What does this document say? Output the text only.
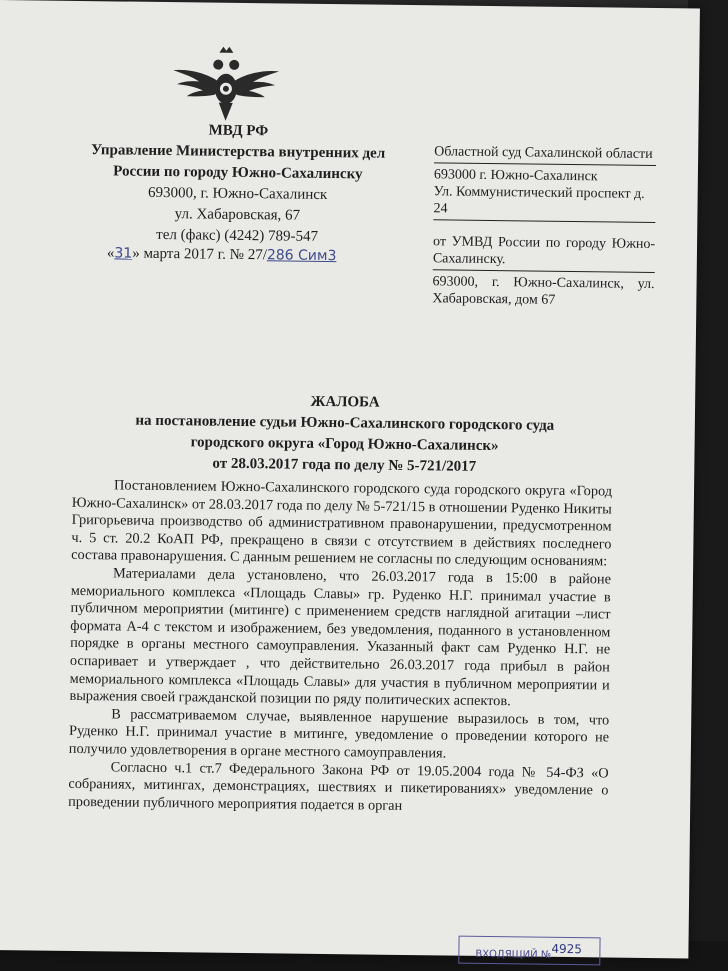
МВД РФ
Управление Министерства внутренних дел
России по городу Южно-Сахалинску
693000, г. Южно-Сахалинск
ул. Хабаровская, 67
тел (факс) (4242) 789-547
«31» марта 2017 г. № 27/286 Сим3
Областной суд Сахалинской области
693000 г. Южно-Сахалинск
Ул. Коммунистический проспект д. 24
от УМВД России по городу Южно-Сахалинску.
693000, г. Южно-Сахалинск, ул. Хабаровская, дом 67
ЖАЛОБА
на постановление судьи Южно-Сахалинского городского суда
городского округа «Город Южно-Сахалинск»
от 28.03.2017 года по делу № 5-721/2017

Постановлением Южно-Сахалинского городского суда городского округа «Город Южно-Сахалинск» от 28.03.2017 года по делу № 5-721/15 в отношении Руденко Никиты Григорьевича производство об административном правонарушении, предусмотренном ч. 5 ст. 20.2 КоАП РФ, прекращено в связи с отсутствием в действиях последнего состава правонарушения. С данным решением не согласны по следующим основаниям:

Материалами дела установлено, что 26.03.2017 года в 15:00 в районе мемориального комплекса «Площадь Славы» гр. Руденко Н.Г. принимал участие в публичном мероприятии (митинге) с применением средств наглядной агитации –лист формата А-4 с текстом и изображением, без уведомления, поданного в установленном порядке в органы местного самоуправления. Указанный факт сам Руденко Н.Г. не оспаривает и утверждает , что действительно 26.03.2017 года прибыл в район мемориального комплекса «Площадь Славы» для участия в публичном мероприятии и выражения своей гражданской позиции по ряду политических аспектов.

В рассматриваемом случае, выявленное нарушение выразилось в том, что Руденко Н.Г. принимал участие в митинге, уведомление о проведении которого не получило удовлетворения в органе местного самоуправления.

Согласно ч.1 ст.7 Федерального Закона РФ от 19.05.2004 года № 54-ФЗ «О собраниях, митингах, демонстрациях, шествиях и пикетированиях» уведомление о проведении публичного мероприятия подается в орган

ВХОДЯЩИЙ № 4925
